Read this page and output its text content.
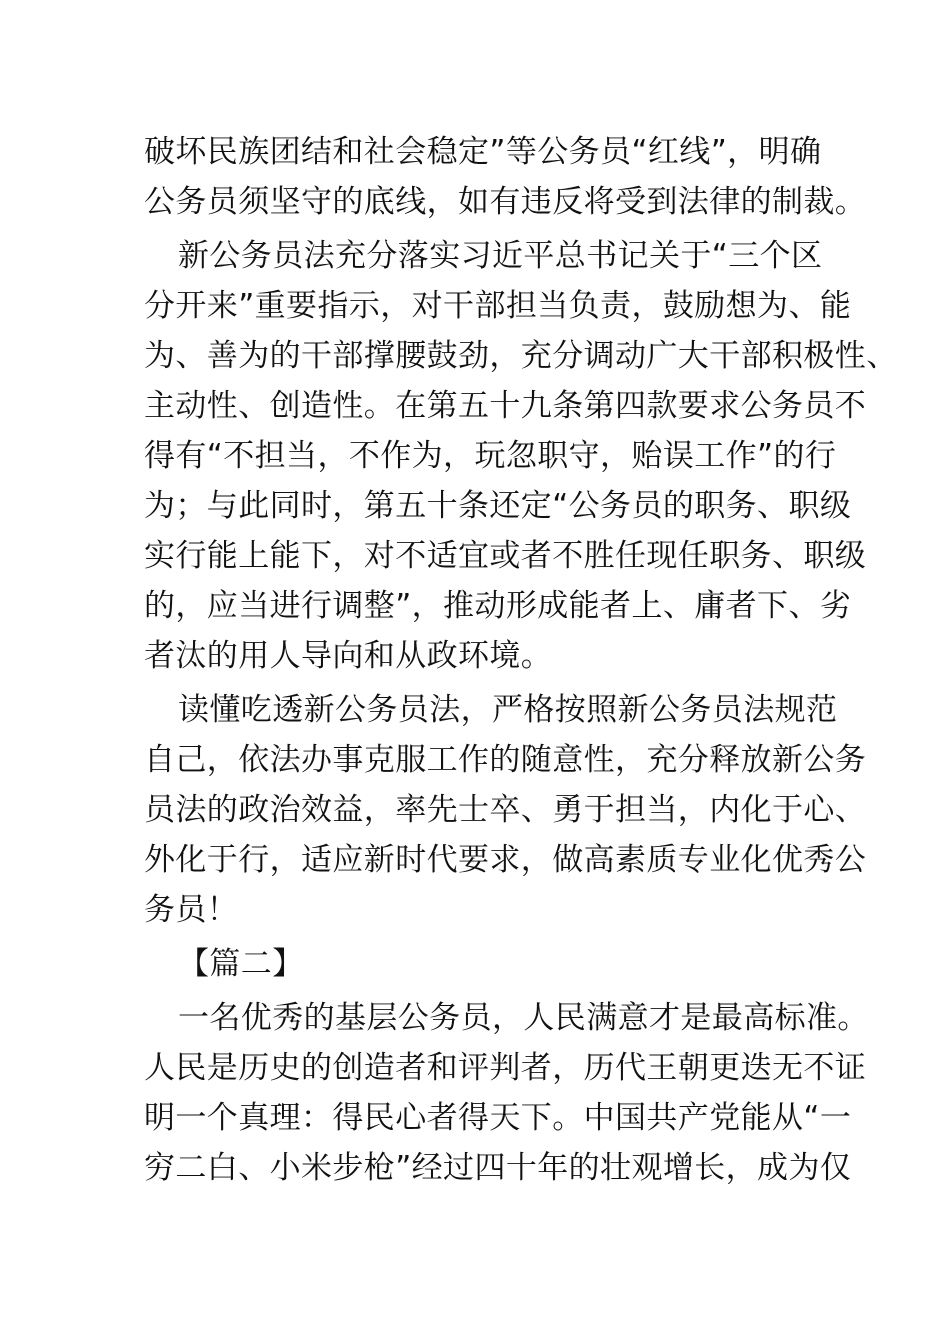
破坏民族团结和社会稳定”等公务员“红线”，明确
公务员须坚守的底线，如有违反将受到法律的制裁。
新公务员法充分落实习近平总书记关于“三个区
分开来”重要指示，对干部担当负责，鼓励想为、能
为、善为的干部撑腰鼓劲，充分调动广大干部积极性、
主动性、创造性。在第五十九条第四款要求公务员不
得有“不担当，不作为，玩忽职守，贻误工作”的行
为；与此同时，第五十条还定“公务员的职务、职级
实行能上能下，对不适宜或者不胜任现任职务、职级
的，应当进行调整”，推动形成能者上、庸者下、劣
者汰的用人导向和从政环境。
读懂吃透新公务员法，严格按照新公务员法规范
自己，依法办事克服工作的随意性，充分释放新公务
员法的政治效益，率先士卒、勇于担当，内化于心、
外化于行，适应新时代要求，做高素质专业化优秀公
务员！
【篇二】
一名优秀的基层公务员，人民满意才是最高标准。
人民是历史的创造者和评判者，历代王朝更迭无不证
明一个真理：得民心者得天下。中国共产党能从“一
穷二白、小米步枪”经过四十年的壮观增长，成为仅
